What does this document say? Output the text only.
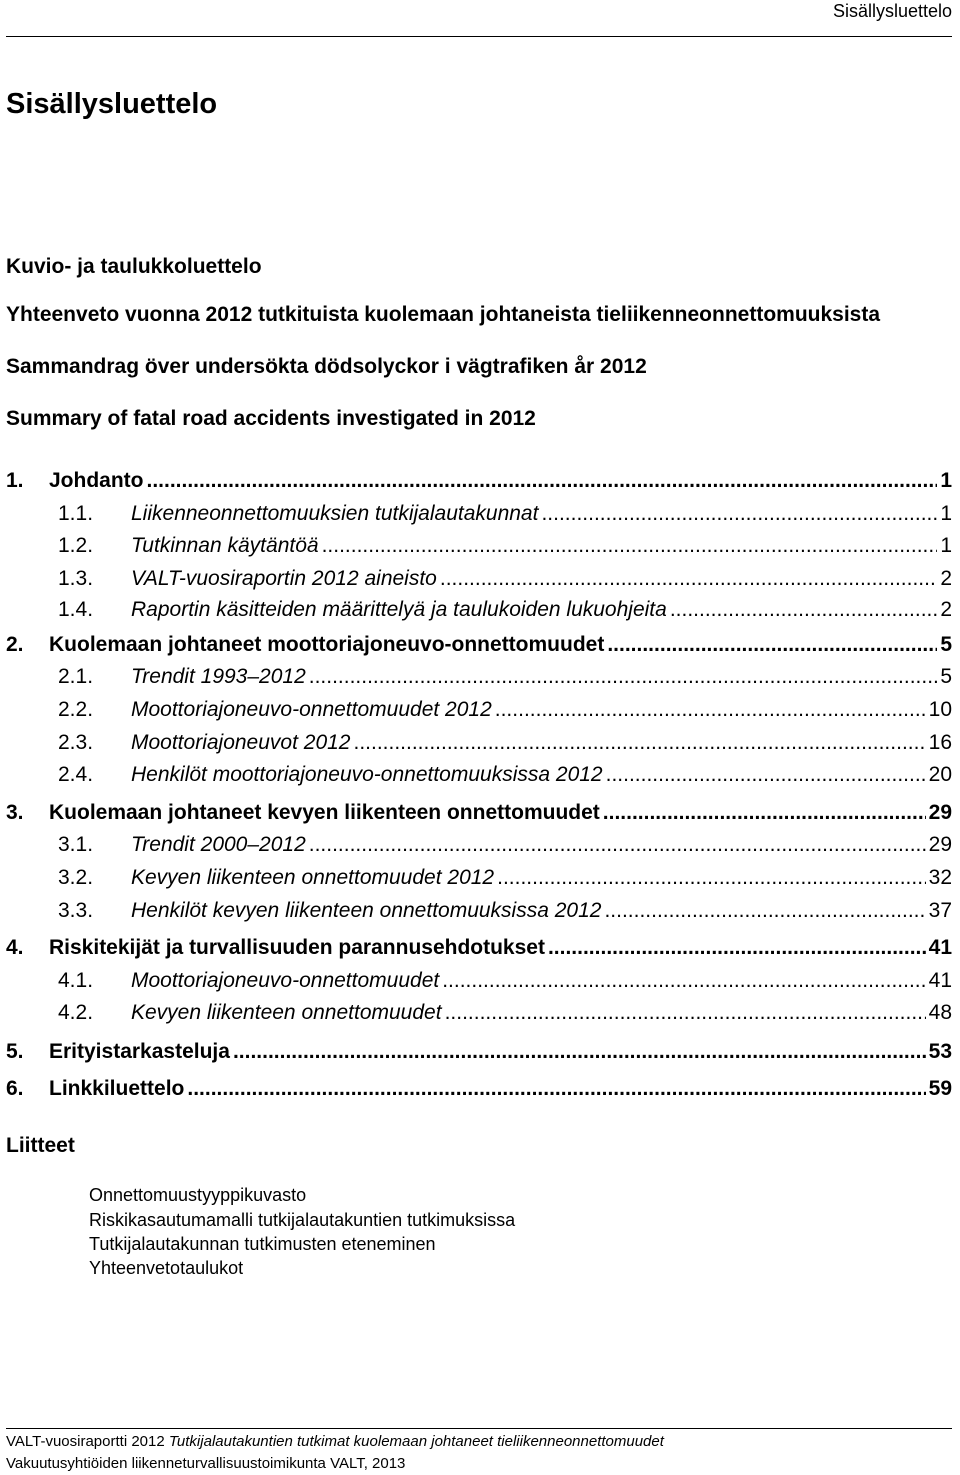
Sisällysluettelo
Sisällysluettelo
Kuvio- ja taulukkoluettelo
Yhteenveto vuonna 2012 tutkituista kuolemaan johtaneista tieliikenneonnettomuuksista
Sammandrag över undersökta dödsolyckor i vägtrafiken år 2012
Summary of fatal road accidents investigated in 2012
1. Johdanto .....	1
1.1. Liikenneonnettomuuksien tutkijalautakunnat .....	1
1.2. Tutkinnan käytäntöä .....	1
1.3. VALT-vuosiraportin 2012 aineisto .....	2
1.4. Raportin käsitteiden määrittelyä ja taulukoiden lukuohjeita .....	2
2. Kuolemaan johtaneet moottoriajoneuvo-onnettomuudet .....	5
2.1. Trendit 1993–2012 .....	5
2.2. Moottoriajoneuvo-onnettomuudet 2012 .....	10
2.3. Moottoriajoneuvot 2012 .....	16
2.4. Henkilöt moottoriajoneuvo-onnettomuuksissa 2012 .....	20
3. Kuolemaan johtaneet kevyen liikenteen onnettomuudet .....	29
3.1. Trendit 2000–2012 .....	29
3.2. Kevyen liikenteen onnettomuudet 2012 .....	32
3.3. Henkilöt kevyen liikenteen onnettomuuksissa 2012 .....	37
4. Riskitekijät ja turvallisuuden parannusehdotukset .....	41
4.1. Moottoriajoneuvo-onnettomuudet .....	41
4.2. Kevyen liikenteen onnettomuudet .....	48
5. Erityistarkasteluja .....	53
6. Linkkiluettelo .....	59
Liitteet
Onnettomuustyyppikuvasto
Riskikasautumamalli tutkijalautakuntien tutkimuksissa
Tutkijalautakunnan tutkimusten eteneminen
Yhteenvetotaulukot
VALT-vuosiraportti 2012 Tutkijalautakuntien tutkimat kuolemaan johtaneet tieliikenneonnettomuudet
Vakuutusyhtiöiden liikenneturvallisuustoimikunta VALT, 2013
